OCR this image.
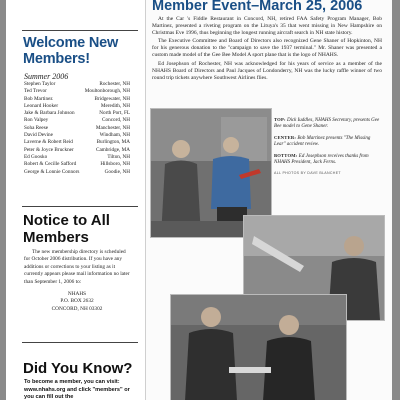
Welcome New Members!

Summer 2006

Stephen Taylor	Rochester, NH
Ted Trevor	Moultonborough, NH
Bob Martinez	Bridgewater, NH
Leonard Hooker	Meredith, NH
Jake & Barbara Johnson	North Port, FL
Ron Valpey	Concord, NH
Soha Reese	Manchester, NH
David Devine	Windham, NH
Laverne & Robert Reid	Burlington, MA
Peter & Joyce Bruckner	Cambridge, MA
Ed Goosko	Tilton, NH
Robert & Cecille Safford	Hillsboro, NH
George & Lonnie Connors	Goodie, NH
Notice to All Members

The new membership directory is scheduled for October 2006 distribution. If you have any additions or corrections to your listing as it currently appears please mail information no later than September 1, 2006 to:

NHAHS
P.O. BOX 2632
CONCORD, NH 03302
Did You Know?

To become a member, you can visit: www.nhahs.org and click "members" or you can fill out the

Member Event–March 25, 2006

At the Car 's Fiddle Restaurant in Concord, NH, retired FAA Safety Program Manager, Bob Martinez, presented a riveting program on the Lituya's 35 that went missing in New Hampshire on Christmas Eve 1996, thus beginning the longest running aircraft search in NH state history.

The Executive Committee and Board of Directors also recognized Gene Shaner of Hopkinton, NH for his generous donation to the "campaign to save the 1937 terminal." Mr. Shaner was presented a custom made model of the Gee Bee Model A sport plane that is the logo of NHAHS.

Ed Josephson of Rochester, NH was acknowledged for his years of service as a member of the NHAHS Board of Directors and Paul Jacques of Londonderry, NH was the lucky raffle winner of two round trip tickets anywhere Southwest Airlines flies.

TOP: Dick Iuddles, NHAHS Secretary, presents Gee Bee model to Gene Shaner.

CENTER: Bob Martinez presents "The Missing Lear" accident review.

BOTTOM: Ed Josephson receives thanks from NHAHS President, Jack Ferns.

ALL PHOTOS BY DAVE BLANCHET
